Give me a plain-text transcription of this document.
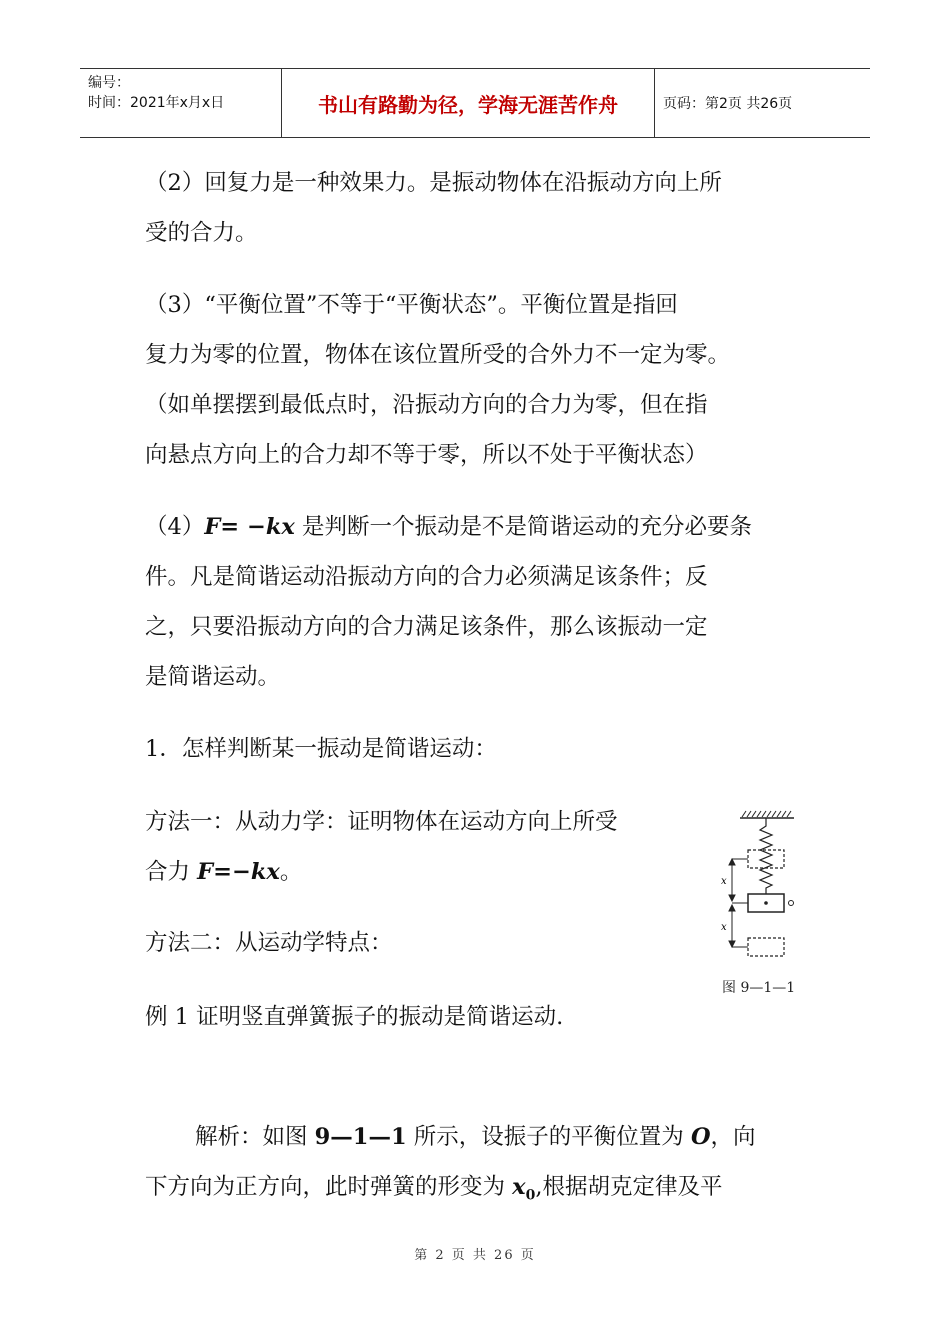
编号：
时间：2021年x月x日	书山有路勤为径，学海无涯苦作舟	页码：第2页 共26页
（2）回复力是一种效果力。是振动物体在沿振动方向上所
受的合力。
（3）“平衡位置”不等于“平衡状态”。平衡位置是指回
复力为零的位置，物体在该位置所受的合外力不一定为零。
（如单摆摆到最低点时，沿振动方向的合力为零，但在指
向悬点方向上的合力却不等于零，所以不处于平衡状态）
（4）F= −kx 是判断一个振动是不是简谐运动的充分必要条
件。凡是简谐运动沿振动方向的合力必须满足该条件；反
之，只要沿振动方向的合力满足该条件，那么该振动一定
是简谐运动。
1．怎样判断某一振动是简谐运动：
方法一：从动力学：证明物体在运动方向上所受
合力 F=−kx。
方法二：从运动学特点：
例 1 证明竖直弹簧振子的振动是简谐运动.
解析：如图 9—1—1 所示，设振子的平衡位置为 O，向
下方向为正方向，此时弹簧的形变为 $x_0$,根据胡克定律及平
x
x
图 9—1—1
第 2 页 共 26 页
